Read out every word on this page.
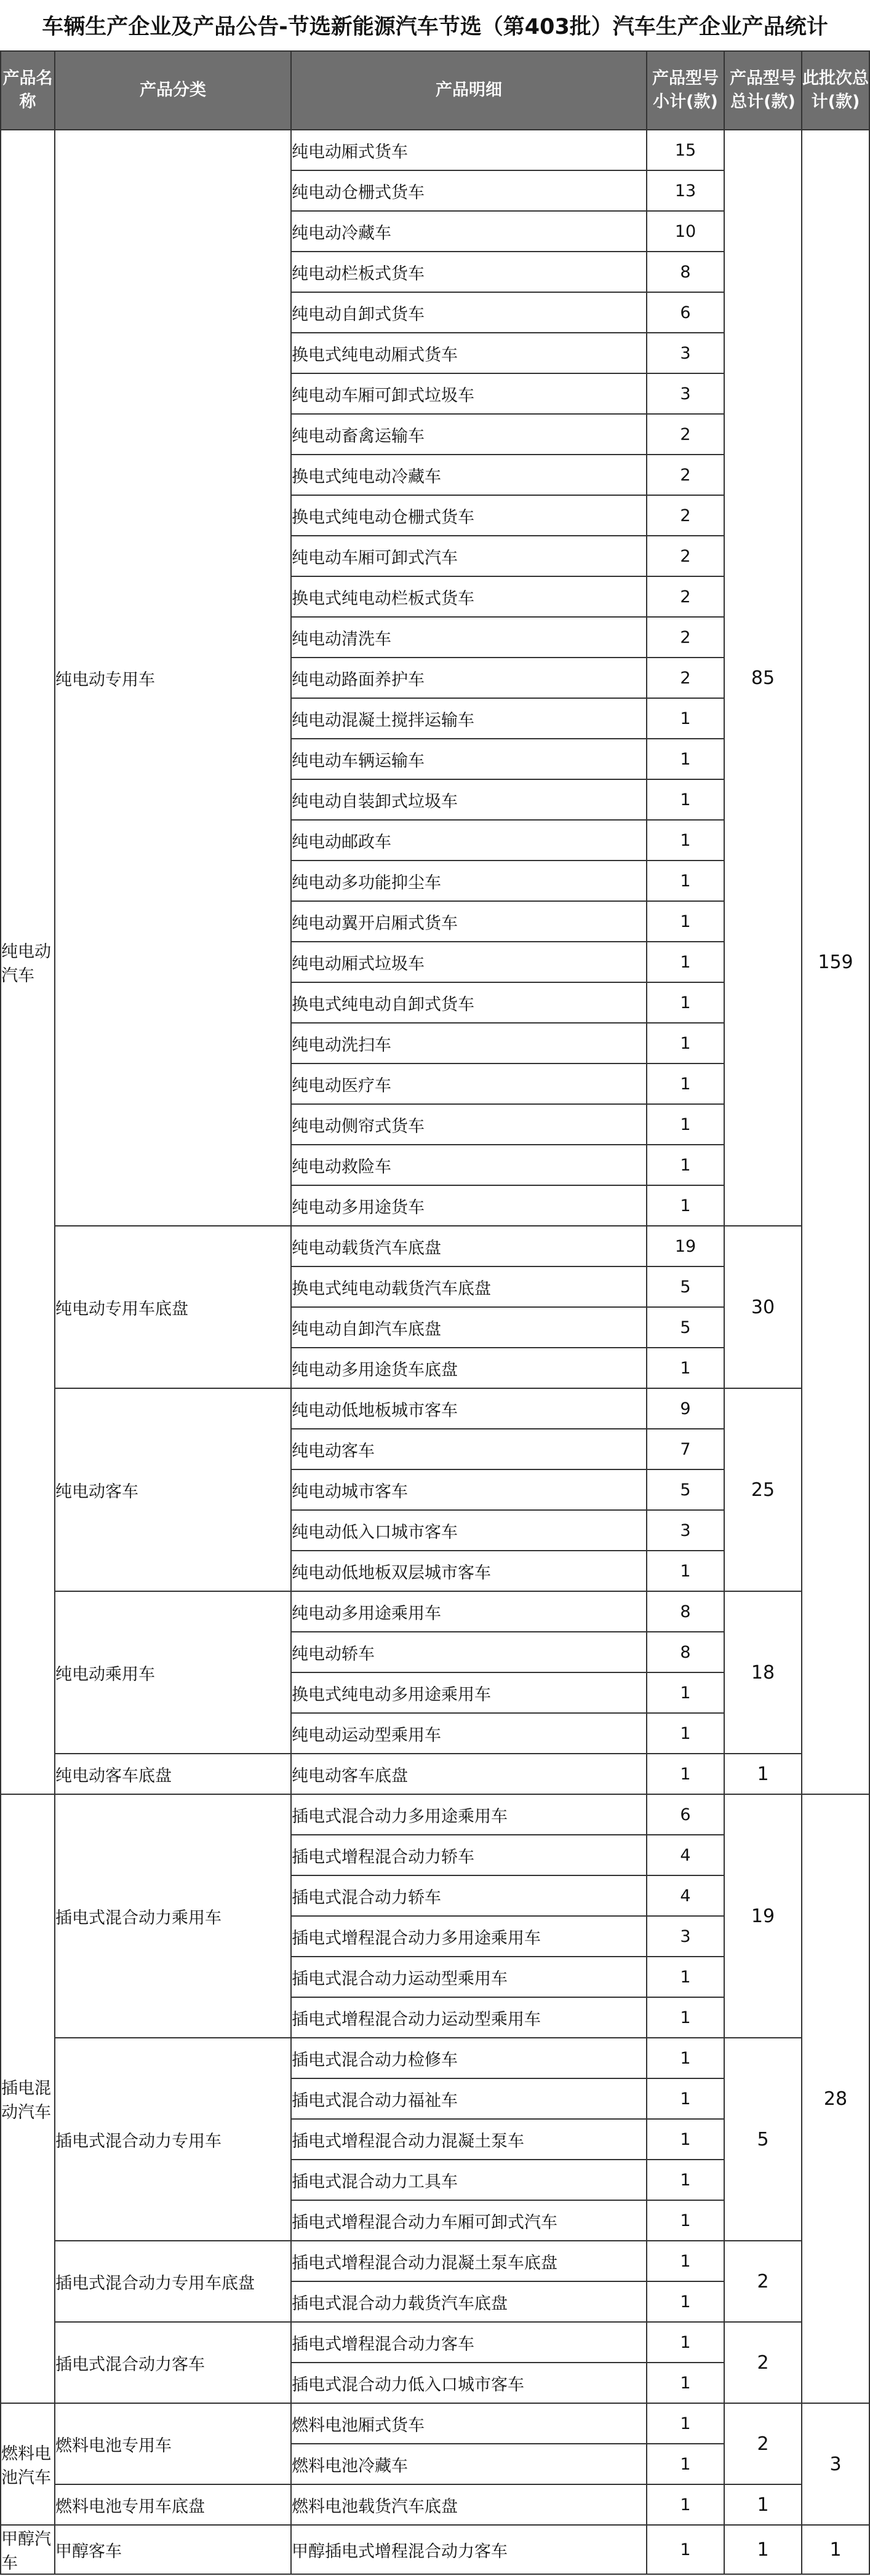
车辆生产企业及产品公告-节选新能源汽车节选（第403批）汽车生产企业产品统计
产品名称	产品分类	产品明细	产品型号小计(款)	产品型号总计(款)	此批次总计(款)
纯电动汽车	纯电动专用车	纯电动厢式货车	15	85	159
		纯电动仓栅式货车	13		
		纯电动冷藏车	10		
		纯电动栏板式货车	8		
		纯电动自卸式货车	6		
		换电式纯电动厢式货车	3		
		纯电动车厢可卸式垃圾车	3		
		纯电动畜禽运输车	2		
		换电式纯电动冷藏车	2		
		换电式纯电动仓栅式货车	2		
		纯电动车厢可卸式汽车	2		
		换电式纯电动栏板式货车	2		
		纯电动清洗车	2		
		纯电动路面养护车	2		
		纯电动混凝土搅拌运输车	1		
		纯电动车辆运输车	1		
		纯电动自装卸式垃圾车	1		
		纯电动邮政车	1		
		纯电动多功能抑尘车	1		
		纯电动翼开启厢式货车	1		
		纯电动厢式垃圾车	1		
		换电式纯电动自卸式货车	1		
		纯电动洗扫车	1		
		纯电动医疗车	1		
		纯电动侧帘式货车	1		
		纯电动救险车	1		
		纯电动多用途货车	1		
	纯电动专用车底盘	纯电动载货汽车底盘	19	30	
		换电式纯电动载货汽车底盘	5		
		纯电动自卸汽车底盘	5		
		纯电动多用途货车底盘	1		
	纯电动客车	纯电动低地板城市客车	9	25	
		纯电动客车	7		
		纯电动城市客车	5		
		纯电动低入口城市客车	3		
		纯电动低地板双层城市客车	1		
	纯电动乘用车	纯电动多用途乘用车	8	18	
		纯电动轿车	8		
		换电式纯电动多用途乘用车	1		
		纯电动运动型乘用车	1		
	纯电动客车底盘	纯电动客车底盘	1	1	
插电混动汽车	插电式混合动力乘用车	插电式混合动力多用途乘用车	6	19	28
		插电式增程混合动力轿车	4		
		插电式混合动力轿车	4		
		插电式增程混合动力多用途乘用车	3		
		插电式混合动力运动型乘用车	1		
		插电式增程混合动力运动型乘用车	1		
	插电式混合动力专用车	插电式混合动力检修车	1	5	
		插电式混合动力福祉车	1		
		插电式增程混合动力混凝土泵车	1		
		插电式混合动力工具车	1		
		插电式增程混合动力车厢可卸式汽车	1		
	插电式混合动力专用车底盘	插电式增程混合动力混凝土泵车底盘	1	2	
		插电式混合动力载货汽车底盘	1		
	插电式混合动力客车	插电式增程混合动力客车	1	2	
		插电式混合动力低入口城市客车	1		
燃料电池汽车	燃料电池专用车	燃料电池厢式货车	1	2	3
		燃料电池冷藏车	1		
	燃料电池专用车底盘	燃料电池载货汽车底盘	1	1	
甲醇汽车	甲醇客车	甲醇插电式增程混合动力客车	1	1	1
